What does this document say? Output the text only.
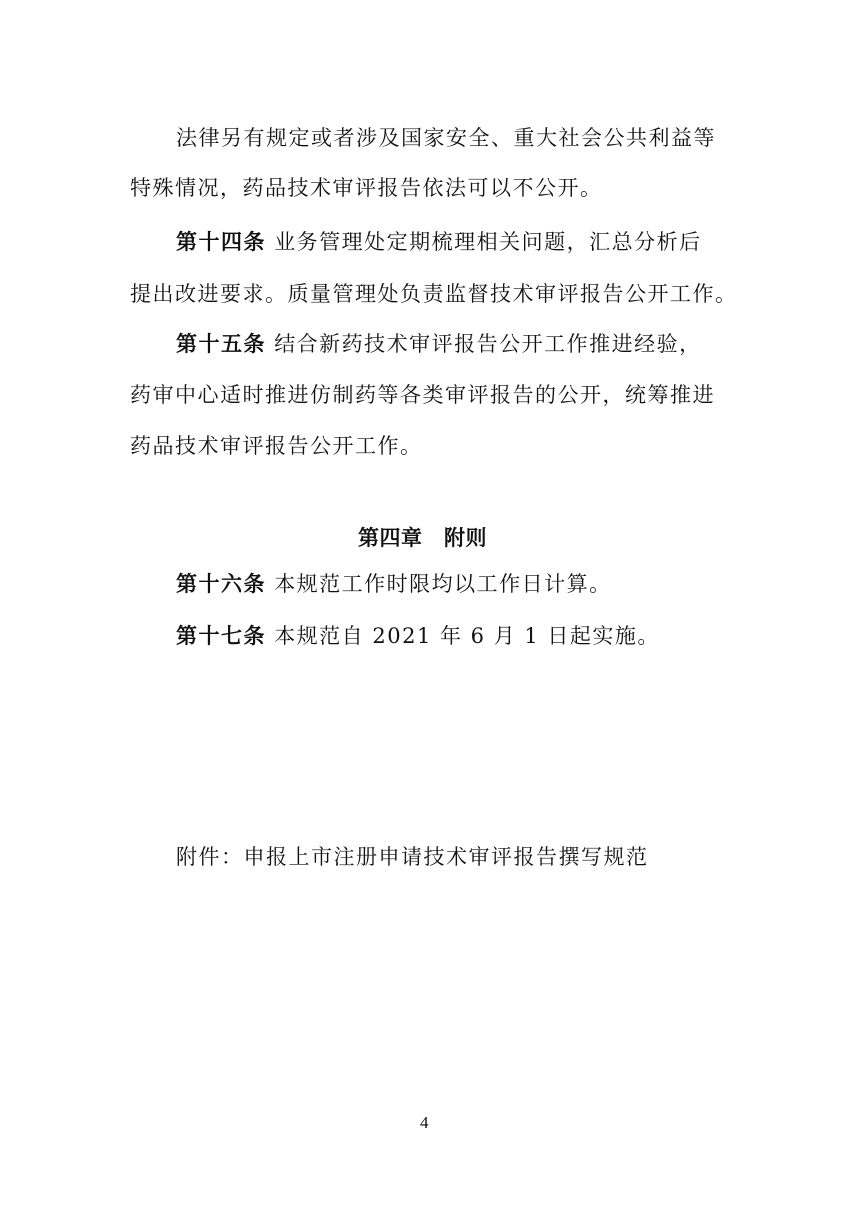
法律另有规定或者涉及国家安全、重大社会公共利益等
特殊情况，药品技术审评报告依法可以不公开。
第十四条 业务管理处定期梳理相关问题，汇总分析后
提出改进要求。质量管理处负责监督技术审评报告公开工作。
第十五条 结合新药技术审评报告公开工作推进经验，
药审中心适时推进仿制药等各类审评报告的公开，统筹推进
药品技术审评报告公开工作。
第四章　附则
第十六条 本规范工作时限均以工作日计算。
第十七条 本规范自 2021 年 6 月 1 日起实施。
附件：申报上市注册申请技术审评报告撰写规范
4
